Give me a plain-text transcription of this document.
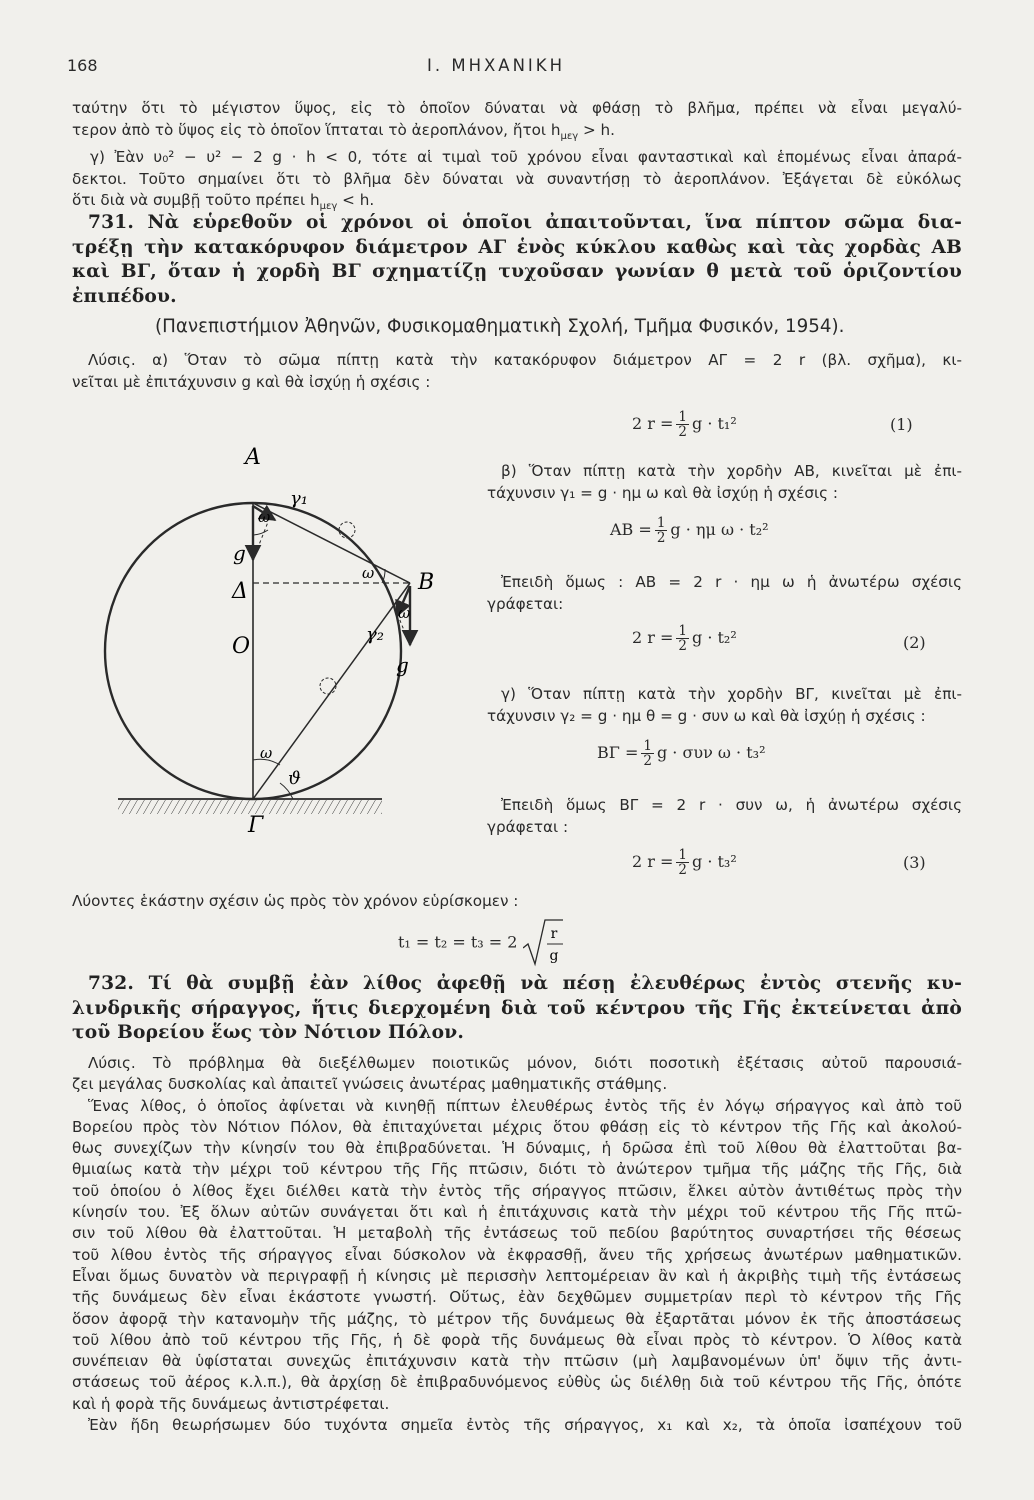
168	Ι. ΜΗΧΑΝΙΚΗ
ταύτην ὅτι τὸ μέγιστον ὕψος, εἰς τὸ ὁποῖον δύναται νὰ φθάσῃ τὸ βλῆμα, πρέπει νὰ εἶναι μεγαλύ-
τερον ἀπὸ τὸ ὕψος εἰς τὸ ὁποῖον ἵπταται τὸ ἀεροπλάνον, ἤτοι $h_{\mu\varepsilon\gamma} > h$.
γ) Ἐὰν υ₀² − υ² − 2 g · h < 0, τότε αἱ τιμαὶ τοῦ χρόνου εἶναι φανταστικαὶ καὶ ἑπομένως εἶναι ἀπαρά-
δεκτοι. Τοῦτο σημαίνει ὅτι τὸ βλῆμα δὲν δύναται νὰ συναντήσῃ τὸ ἀεροπλάνον. Ἐξάγεται δὲ εὐκόλως
ὅτι διὰ νὰ συμβῇ τοῦτο πρέπει $h_{\mu\varepsilon\gamma} < h$.
731. Νὰ εὑρεθοῦν οἱ χρόνοι οἱ ὁποῖοι ἀπαιτοῦνται, ἵνα πίπτον σῶμα δια-
τρέξῃ τὴν κατακόρυφον διάμετρον ΑΓ ἑνὸς κύκλου καθὼς καὶ τὰς χορδὰς ΑΒ
καὶ ΒΓ, ὅταν ἡ χορδὴ ΒΓ σχηματίζῃ τυχοῦσαν γωνίαν θ μετὰ τοῦ ὁριζοντίου
ἐπιπέδου.
(Πανεπιστήμιον Ἀθηνῶν, Φυσικομαθηματικὴ Σχολή, Τμῆμα Φυσικόν, 1954).
Λύσις. α) Ὅταν τὸ σῶμα πίπτῃ κατὰ τὴν κατακόρυφον διάμετρον ΑΓ = 2 r (βλ. σχῆμα), κι-
νεῖται μὲ ἐπιτάχυνσιν g καὶ θὰ ἰσχύῃ ἡ σχέσις :
2 $r = \frac{1}{2}$ g · t₁²	(1)
β) Ὅταν πίπτῃ κατὰ τὴν χορδὴν ΑΒ, κινεῖται μὲ ἐπι-
τάχυνσιν γ₁ = g · ημ ω καὶ θὰ ἰσχύῃ ἡ σχέσις :
AB = $\frac{1}{2}$ g · ημ ω · t₂²
Ἐπειδὴ ὅμως : ΑΒ = 2 r · ημ ω ἡ ἀνωτέρω σχέσις
γράφεται:
2 $r = \frac{1}{2}$ g · t₂²	(2)
γ) Ὅταν πίπτῃ κατὰ τὴν χορδὴν ΒΓ, κινεῖται μὲ ἐπι-
τάχυνσιν γ₂ = g · ημ θ = g · συν ω καὶ θὰ ἰσχύῃ ἡ σχέσις :
$B\Gamma = \frac{1}{2}$ g · συν ω · t₃²
Ἐπειδὴ ὅμως ΒΓ = 2 r · συν ω, ἡ ἀνωτέρω σχέσις
γράφεται :
2 $r = \frac{1}{2}$ g · t₃²	(3)
Λύοντες ἑκάστην σχέσιν ὡς πρὸς τὸν χρόνον εὑρίσκομεν :
t₁ = t₂ = t₃ = 2 r
g
A
B
Γ
Δ
O
g
g
γ₁
γ₂
ω
ω
ω
ω
ϑ
732. Τί θὰ συμβῇ ἐὰν λίθος ἀφεθῇ νὰ πέσῃ ἐλευθέρως ἐντὸς στενῆς κυ-
λινδρικῆς σήραγγος, ἥτις διερχομένη διὰ τοῦ κέντρου τῆς Γῆς ἐκτείνεται ἀπὸ
τοῦ Βορείου ἕως τὸν Νότιον Πόλον.
Λύσις. Τὸ πρόβλημα θὰ διεξέλθωμεν ποιοτικῶς μόνον, διότι ποσοτικὴ ἐξέτασις αὐτοῦ παρουσιά-
ζει μεγάλας δυσκολίας καὶ ἀπαιτεῖ γνώσεις ἀνωτέρας μαθηματικῆς στάθμης.
Ἕνας λίθος, ὁ ὁποῖος ἀφίνεται νὰ κινηθῇ πίπτων ἐλευθέρως ἐντὸς τῆς ἐν λόγῳ σήραγγος καὶ ἀπὸ τοῦ
Βορείου πρὸς τὸν Νότιον Πόλον, θὰ ἐπιταχύνεται μέχρις ὅτου φθάσῃ εἰς τὸ κέντρον τῆς Γῆς καὶ ἀκολού-
θως συνεχίζων τὴν κίνησίν του θὰ ἐπιβραδύνεται. Ἡ δύναμις, ἡ δρῶσα ἐπὶ τοῦ λίθου θὰ ἐλαττοῦται βα-
θμιαίως κατὰ τὴν μέχρι τοῦ κέντρου τῆς Γῆς πτῶσιν, διότι τὸ ἀνώτερον τμῆμα τῆς μάζης τῆς Γῆς, διὰ
τοῦ ὁποίου ὁ λίθος ἔχει διέλθει κατὰ τὴν ἐντὸς τῆς σήραγγος πτῶσιν, ἕλκει αὐτὸν ἀντιθέτως πρὸς τὴν
κίνησίν του. Ἐξ ὅλων αὐτῶν συνάγεται ὅτι καὶ ἡ ἐπιτάχυνσις κατὰ τὴν μέχρι τοῦ κέντρου τῆς Γῆς πτῶ-
σιν τοῦ λίθου θὰ ἐλαττοῦται. Ἡ μεταβολὴ τῆς ἐντάσεως τοῦ πεδίου βαρύτητος συναρτήσει τῆς θέσεως
τοῦ λίθου ἐντὸς τῆς σήραγγος εἶναι δύσκολον νὰ ἐκφρασθῇ, ἄνευ τῆς χρήσεως ἀνωτέρων μαθηματικῶν.
Εἶναι ὅμως δυνατὸν νὰ περιγραφῇ ἡ κίνησις μὲ περισσὴν λεπτομέρειαν ἂν καὶ ἡ ἀκριβὴς τιμὴ τῆς ἐντάσεως
τῆς δυνάμεως δὲν εἶναι ἑκάστοτε γνωστή. Οὕτως, ἐὰν δεχθῶμεν συμμετρίαν περὶ τὸ κέντρον τῆς Γῆς
ὅσον ἀφορᾷ τὴν κατανομὴν τῆς μάζης, τὸ μέτρον τῆς δυνάμεως θὰ ἐξαρτᾶται μόνον ἐκ τῆς ἀποστάσεως
τοῦ λίθου ἀπὸ τοῦ κέντρου τῆς Γῆς, ἡ δὲ φορὰ τῆς δυνάμεως θὰ εἶναι πρὸς τὸ κέντρον. Ὁ λίθος κατὰ
συνέπειαν θὰ ὑφίσταται συνεχῶς ἐπιτάχυνσιν κατὰ τὴν πτῶσιν (μὴ λαμβανομένων ὑπ' ὄψιν τῆς ἀντι-
στάσεως τοῦ ἀέρος κ.λ.π.), θὰ ἀρχίσῃ δὲ ἐπιβραδυνόμενος εὐθὺς ὡς διέλθῃ διὰ τοῦ κέντρου τῆς Γῆς, ὁπότε
καὶ ἡ φορὰ τῆς δυνάμεως ἀντιστρέφεται.
Ἐὰν ἤδη θεωρήσωμεν δύο τυχόντα σημεῖα ἐντὸς τῆς σήραγγος, x₁ καὶ x₂, τὰ ὁποῖα ἰσαπέχουν τοῦ
